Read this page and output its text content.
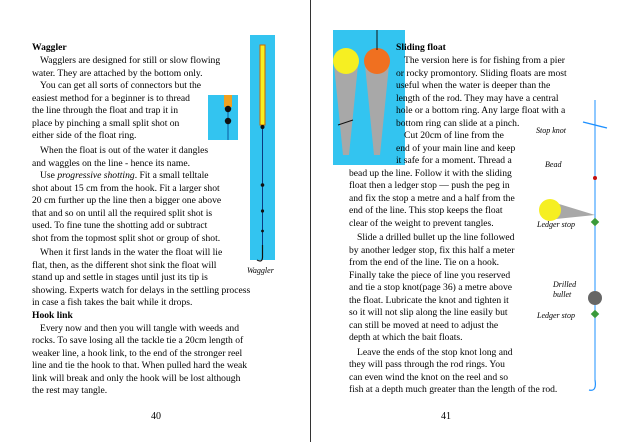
Waggler
Wagglers are designed for still or slow flowing
water. They are attached by the bottom only.
You can get all sorts of connectors but the
easiest method for a beginner is to thread
the line through the float and trap it in
place by pinching a small split shot on
either side of the float ring.
When the float is out of the water it dangles
and waggles on the line - hence its name.
Use progressive shotting. Fit a small telltale
shot about 15 cm from the hook. Fit a larger shot
20 cm further up the line then a bigger one above
that and so on until all the required split shot is
used. To fine tune the shotting add or subtract
shot from the topmost split shot or group of shot.
When it first lands in the water the float will lie
flat, then, as the different shot sink the float will
stand up and settle in stages until just its tip is
showing. Experts watch for delays in the settling process
in case a fish takes the bait while it drops.
Hook link
Every now and then you will tangle with weeds and
rocks. To save losing all the tackle tie a 20cm length of
weaker line, a hook link, to the end of the stronger reel
line and tie the hook to that. When pulled hard the weak
link will break and only the hook will be lost although
the rest may tangle.
Waggler
40
Sliding float
The version here is for fishing from a pier
or rocky promontory. Sliding floats are most
useful when the water is deeper than the
length of the rod. They may have a central
hole or a bottom ring. Any large float with a
bottom ring can slide at a pinch.
Cut 20cm of line from the
end of your main line and keep
it safe for a moment. Thread a
bead up the line. Follow it with the sliding
float then a ledger stop — push the peg in
and fix the stop a metre and a half from the
end of the line. This stop keeps the float
clear of the weight to prevent tangles.
Slide a drilled bullet up the line followed
by another ledger stop, fix this half a meter
from the end of the line. Tie on a hook.
Finally take the piece of line you reserved
and tie a stop knot(page 36) a metre above
the float. Lubricate the knot and tighten it
so it will not slip along the line easily but
can still be moved at need to adjust the
depth at which the bait floats.
Leave the ends of the stop knot long and
they will pass through the rod rings. You
can even wind the knot on the reel and so
fish at a depth much greater than the length of the rod.
Stop knot
Bead
Ledger stop
Drilled
bullet
Ledger stop
41
